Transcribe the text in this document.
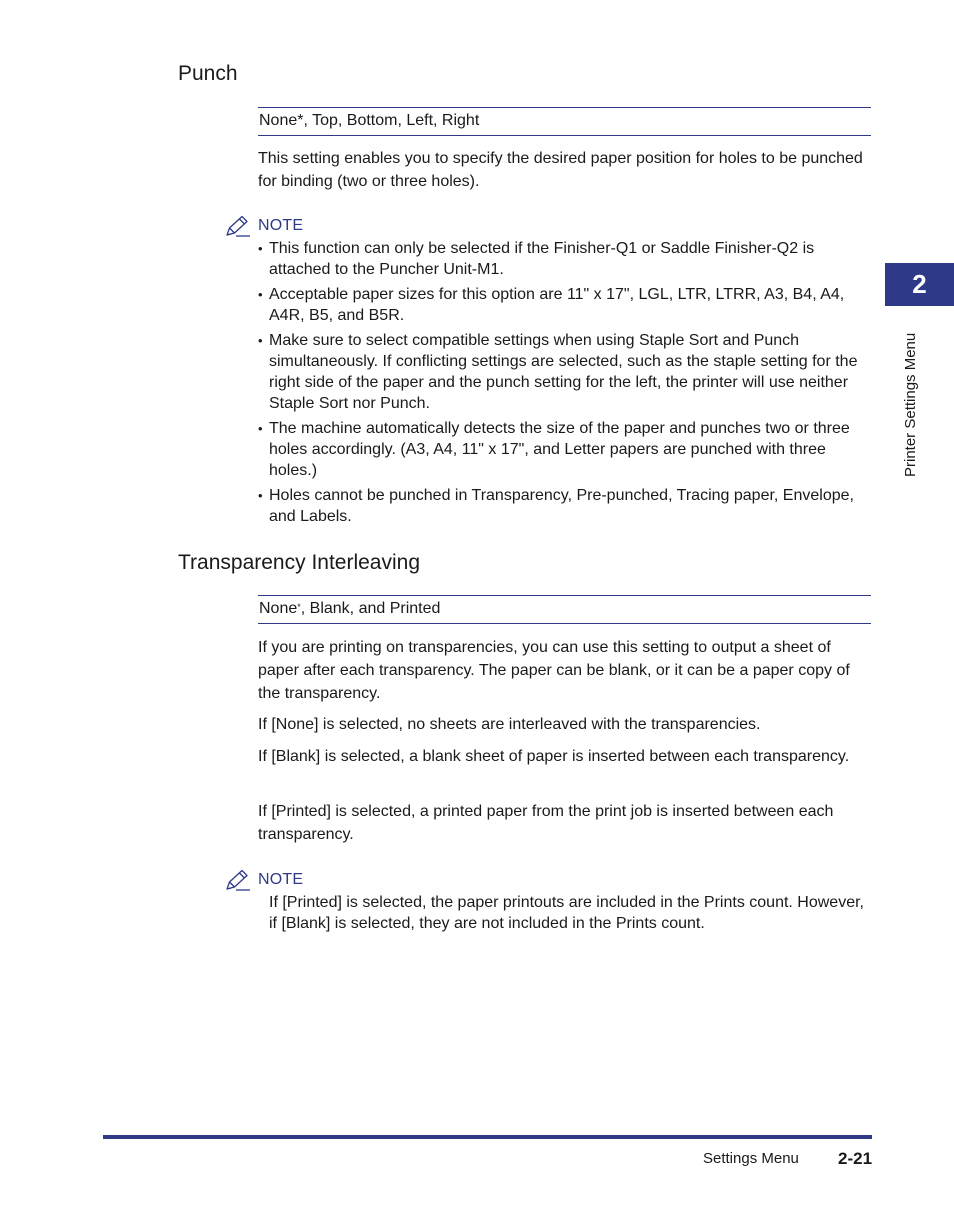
Punch
None*, Top, Bottom, Left, Right

This setting enables you to specify the desired paper position for holes to be punched for binding (two or three holes).

NOTE
• This function can only be selected if the Finisher-Q1 or Saddle Finisher-Q2 is attached to the Puncher Unit-M1.
• Acceptable paper sizes for this option are 11" x 17", LGL, LTR, LTRR, A3, B4, A4, A4R, B5, and B5R.
• Make sure to select compatible settings when using Staple Sort and Punch simultaneously. If conflicting settings are selected, such as the staple setting for the right side of the paper and the punch setting for the left, the printer will use neither Staple Sort nor Punch.
• The machine automatically detects the size of the paper and punches two or three holes accordingly. (A3, A4, 11" x 17", and Letter papers are punched with three holes.)
• Holes cannot be punched in Transparency, Pre-punched, Tracing paper, Envelope, and Labels.
Transparency Interleaving
None*, Blank, and Printed

If you are printing on transparencies, you can use this setting to output a sheet of paper after each transparency. The paper can be blank, or it can be a paper copy of the transparency.

If [None] is selected, no sheets are interleaved with the transparencies.

If [Blank] is selected, a blank sheet of paper is inserted between each transparency.

If [Printed] is selected, a printed paper from the print job is inserted between each transparency.

NOTE

If [Printed] is selected, the paper printouts are included in the Prints count. However, if [Blank] is selected, they are not included in the Prints count.

2
Printer Settings Menu
Settings Menu 2-21
